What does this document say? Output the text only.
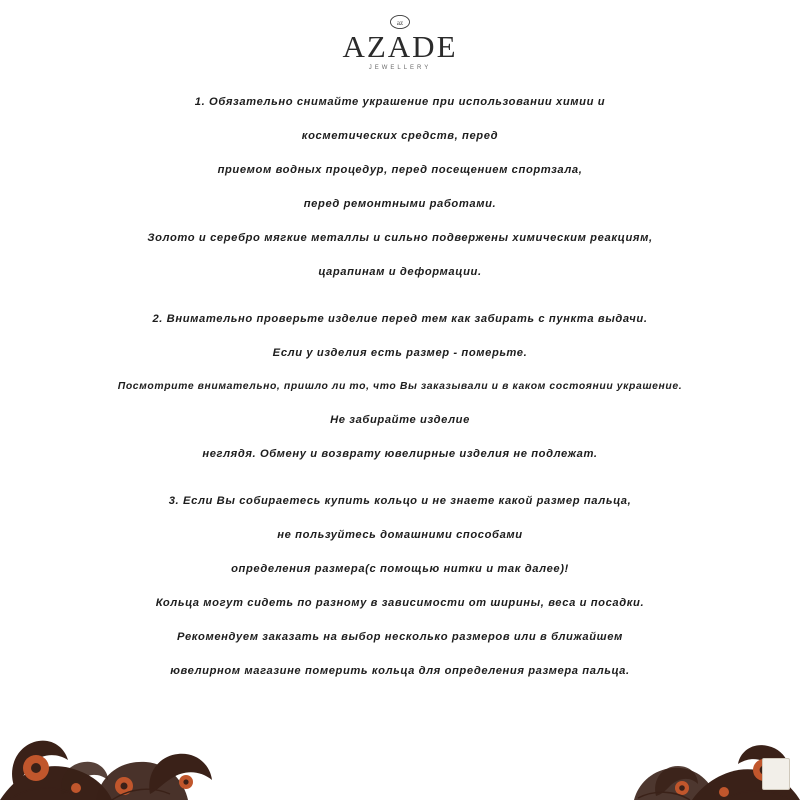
az
AZADE
JEWELLERY
1. Обязательно снимайте украшение при использовании химии и
косметических средств, перед
приемом водных процедур, перед посещением спортзала,
перед ремонтными работами.
Золото и серебро мягкие металлы и сильно подвержены химическим реакциям,
царапинам и деформации.
2. Внимательно проверьте изделие перед тем как забирать с пункта выдачи.
Если у изделия есть размер - померьте.
Посмотрите внимательно, пришло ли то, что Вы заказывали и в каком состоянии украшение.
Не забирайте изделие
неглядя. Обмену и возврату ювелирные изделия не подлежат.
3. Если Вы собираетесь купить кольцо и не знаете какой размер пальца,
не пользуйтесь домашними способами
определения размера(с помощью нитки и так далее)!
Кольца могут сидеть по разному в зависимости от ширины, веса и посадки.
Рекомендуем заказать на выбор несколько размеров или в ближайшем
ювелирном магазине померить кольца для определения размера пальца.
